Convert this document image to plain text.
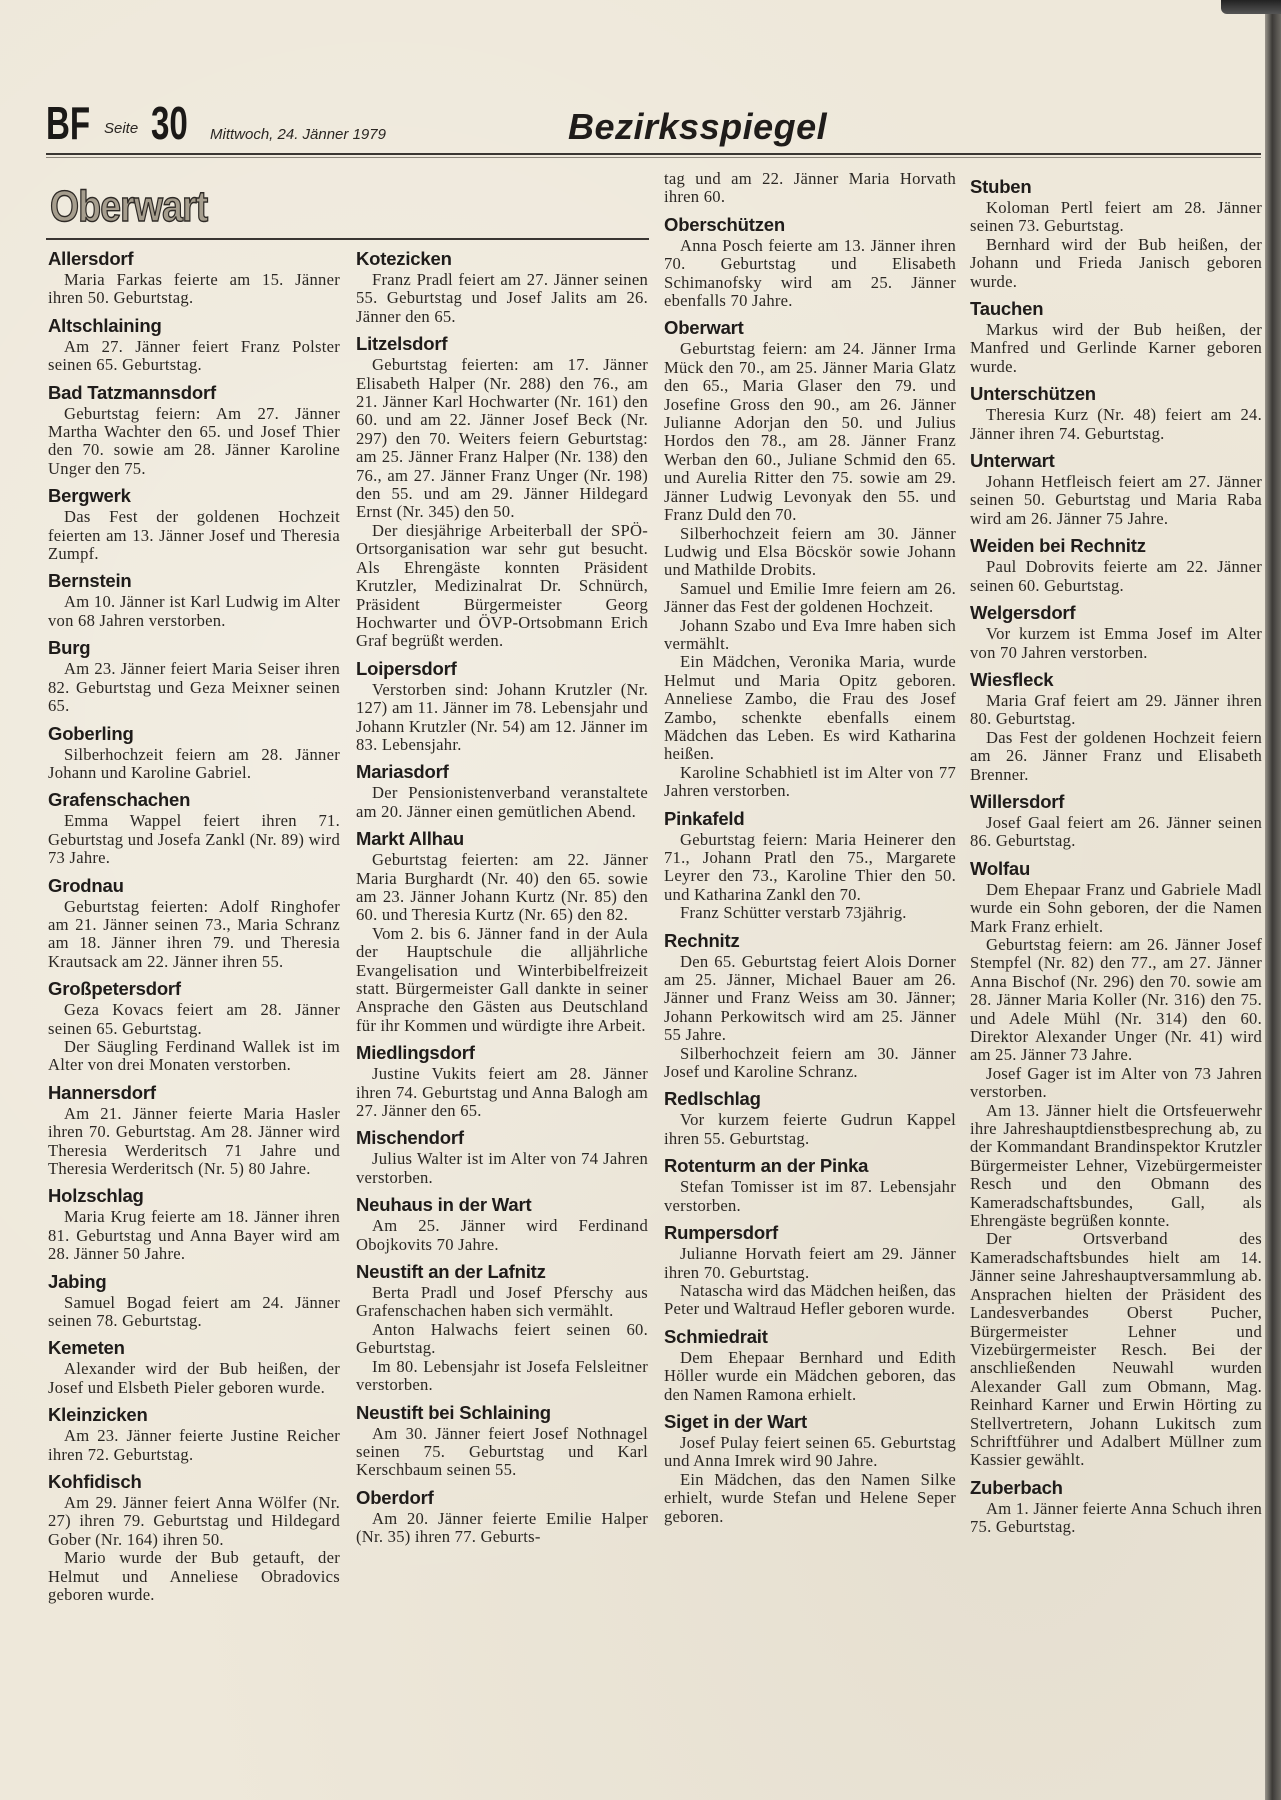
BF Seite 30 Mittwoch, 24. Jänner 1979	Bezirksspiegel
Oberwart
Allersdorf

Maria Farkas feierte am 15. Jänner ihren 50. Geburtstag.

Altschlaining

Am 27. Jänner feiert Franz Polster seinen 65. Geburtstag.

Bad Tatzmannsdorf

Geburtstag feiern: Am 27. Jänner Martha Wachter den 65. und Josef Thier den 70. sowie am 28. Jänner Karoline Unger den 75.

Bergwerk

Das Fest der goldenen Hochzeit feierten am 13. Jänner Josef und Theresia Zumpf.

Bernstein

Am 10. Jänner ist Karl Ludwig im Alter von 68 Jahren verstorben.

Burg

Am 23. Jänner feiert Maria Seiser ihren 82. Geburtstag und Geza Meixner seinen 65.

Goberling

Silberhochzeit feiern am 28. Jänner Johann und Karoline Gabriel.

Grafenschachen

Emma Wappel feiert ihren 71. Geburtstag und Josefa Zankl (Nr. 89) wird 73 Jahre.

Grodnau

Geburtstag feierten: Adolf Ringhofer am 21. Jänner seinen 73., Maria Schranz am 18. Jänner ihren 79. und Theresia Krautsack am 22. Jänner ihren 55.

Großpetersdorf

Geza Kovacs feiert am 28. Jänner seinen 65. Geburtstag.

Der Säugling Ferdinand Wallek ist im Alter von drei Monaten verstorben.

Hannersdorf

Am 21. Jänner feierte Maria Hasler ihren 70. Geburtstag. Am 28. Jänner wird Theresia Werderitsch 71 Jahre und Theresia Werderitsch (Nr. 5) 80 Jahre.

Holzschlag

Maria Krug feierte am 18. Jänner ihren 81. Geburtstag und Anna Bayer wird am 28. Jänner 50 Jahre.

Jabing

Samuel Bogad feiert am 24. Jänner seinen 78. Geburtstag.

Kemeten

Alexander wird der Bub heißen, der Josef und Elsbeth Pieler geboren wurde.

Kleinzicken

Am 23. Jänner feierte Justine Reicher ihren 72. Geburtstag.

Kohfidisch

Am 29. Jänner feiert Anna Wölfer (Nr. 27) ihren 79. Geburtstag und Hildegard Gober (Nr. 164) ihren 50.

Mario wurde der Bub getauft, der Helmut und Anneliese Obradovics geboren wurde.

Kotezicken

Franz Pradl feiert am 27. Jänner seinen 55. Geburtstag und Josef Jalits am 26. Jänner den 65.

Litzelsdorf

Geburtstag feierten: am 17. Jänner Elisabeth Halper (Nr. 288) den 76., am 21. Jänner Karl Hochwarter (Nr. 161) den 60. und am 22. Jänner Josef Beck (Nr. 297) den 70. Weiters feiern Geburtstag: am 25. Jänner Franz Halper (Nr. 138) den 76., am 27. Jänner Franz Unger (Nr. 198) den 55. und am 29. Jänner Hildegard Ernst (Nr. 345) den 50.

Der diesjährige Arbeiterball der SPÖ-Ortsorganisation war sehr gut besucht. Als Ehrengäste konnten Präsident Krutzler, Medizinalrat Dr. Schnürch, Präsident Bürgermeister Georg Hochwarter und ÖVP-Ortsobmann Erich Graf begrüßt werden.

Loipersdorf

Verstorben sind: Johann Krutzler (Nr. 127) am 11. Jänner im 78. Lebensjahr und Johann Krutzler (Nr. 54) am 12. Jänner im 83. Lebensjahr.

Mariasdorf

Der Pensionistenverband veranstaltete am 20. Jänner einen gemütlichen Abend.

Markt Allhau

Geburtstag feierten: am 22. Jänner Maria Burghardt (Nr. 40) den 65. sowie am 23. Jänner Johann Kurtz (Nr. 85) den 60. und Theresia Kurtz (Nr. 65) den 82.

Vom 2. bis 6. Jänner fand in der Aula der Hauptschule die alljährliche Evangelisation und Winterbibelfreizeit statt. Bürgermeister Gall dankte in seiner Ansprache den Gästen aus Deutschland für ihr Kommen und würdigte ihre Arbeit.

Miedlingsdorf

Justine Vukits feiert am 28. Jänner ihren 74. Geburtstag und Anna Balogh am 27. Jänner den 65.

Mischendorf

Julius Walter ist im Alter von 74 Jahren verstorben.

Neuhaus in der Wart

Am 25. Jänner wird Ferdinand Obojkovits 70 Jahre.

Neustift an der Lafnitz

Berta Pradl und Josef Pferschy aus Grafenschachen haben sich vermählt.

Anton Halwachs feiert seinen 60. Geburtstag.

Im 80. Lebensjahr ist Josefa Felsleitner verstorben.

Neustift bei Schlaining

Am 30. Jänner feiert Josef Nothnagel seinen 75. Geburtstag und Karl Kerschbaum seinen 55.

Oberdorf

Am 20. Jänner feierte Emilie Halper (Nr. 35) ihren 77. Geburts-

tag und am 22. Jänner Maria Horvath ihren 60.

Oberschützen

Anna Posch feierte am 13. Jänner ihren 70. Geburtstag und Elisabeth Schimanofsky wird am 25. Jänner ebenfalls 70 Jahre.

Oberwart

Geburtstag feiern: am 24. Jänner Irma Mück den 70., am 25. Jänner Maria Glatz den 65., Maria Glaser den 79. und Josefine Gross den 90., am 26. Jänner Julianne Adorjan den 50. und Julius Hordos den 78., am 28. Jänner Franz Werban den 60., Juliane Schmid den 65. und Aurelia Ritter den 75. sowie am 29. Jänner Ludwig Levonyak den 55. und Franz Duld den 70.

Silberhochzeit feiern am 30. Jänner Ludwig und Elsa Böcskör sowie Johann und Mathilde Drobits.

Samuel und Emilie Imre feiern am 26. Jänner das Fest der goldenen Hochzeit.

Johann Szabo und Eva Imre haben sich vermählt.

Ein Mädchen, Veronika Maria, wurde Helmut und Maria Opitz geboren. Anneliese Zambo, die Frau des Josef Zambo, schenkte ebenfalls einem Mädchen das Leben. Es wird Katharina heißen.

Karoline Schabhietl ist im Alter von 77 Jahren verstorben.

Pinkafeld

Geburtstag feiern: Maria Heinerer den 71., Johann Pratl den 75., Margarete Leyrer den 73., Karoline Thier den 50. und Katharina Zankl den 70.

Franz Schütter verstarb 73jährig.

Rechnitz

Den 65. Geburtstag feiert Alois Dorner am 25. Jänner, Michael Bauer am 26. Jänner und Franz Weiss am 30. Jänner; Johann Perkowitsch wird am 25. Jänner 55 Jahre.

Silberhochzeit feiern am 30. Jänner Josef und Karoline Schranz.

Redlschlag

Vor kurzem feierte Gudrun Kappel ihren 55. Geburtstag.

Rotenturm an der Pinka

Stefan Tomisser ist im 87. Lebensjahr verstorben.

Rumpersdorf

Julianne Horvath feiert am 29. Jänner ihren 70. Geburtstag.

Natascha wird das Mädchen heißen, das Peter und Waltraud Hefler geboren wurde.

Schmiedrait

Dem Ehepaar Bernhard und Edith Höller wurde ein Mädchen geboren, das den Namen Ramona erhielt.

Siget in der Wart

Josef Pulay feiert seinen 65. Geburtstag und Anna Imrek wird 90 Jahre.

Ein Mädchen, das den Namen Silke erhielt, wurde Stefan und Helene Seper geboren.

Stuben

Koloman Pertl feiert am 28. Jänner seinen 73. Geburtstag.

Bernhard wird der Bub heißen, der Johann und Frieda Janisch geboren wurde.

Tauchen

Markus wird der Bub heißen, der Manfred und Gerlinde Karner geboren wurde.

Unterschützen

Theresia Kurz (Nr. 48) feiert am 24. Jänner ihren 74. Geburtstag.

Unterwart

Johann Hetfleisch feiert am 27. Jänner seinen 50. Geburtstag und Maria Raba wird am 26. Jänner 75 Jahre.

Weiden bei Rechnitz

Paul Dobrovits feierte am 22. Jänner seinen 60. Geburtstag.

Welgersdorf

Vor kurzem ist Emma Josef im Alter von 70 Jahren verstorben.

Wiesfleck

Maria Graf feiert am 29. Jänner ihren 80. Geburtstag.

Das Fest der goldenen Hochzeit feiern am 26. Jänner Franz und Elisabeth Brenner.

Willersdorf

Josef Gaal feiert am 26. Jänner seinen 86. Geburtstag.

Wolfau

Dem Ehepaar Franz und Gabriele Madl wurde ein Sohn geboren, der die Namen Mark Franz erhielt.

Geburtstag feiern: am 26. Jänner Josef Stempfel (Nr. 82) den 77., am 27. Jänner Anna Bischof (Nr. 296) den 70. sowie am 28. Jänner Maria Koller (Nr. 316) den 75. und Adele Mühl (Nr. 314) den 60. Direktor Alexander Unger (Nr. 41) wird am 25. Jänner 73 Jahre.

Josef Gager ist im Alter von 73 Jahren verstorben.

Am 13. Jänner hielt die Ortsfeuerwehr ihre Jahreshauptdienstbesprechung ab, zu der Kommandant Brandinspektor Krutzler Bürgermeister Lehner, Vizebürgermeister Resch und den Obmann des Kameradschaftsbundes, Gall, als Ehrengäste begrüßen konnte.

Der Ortsverband des Kameradschaftsbundes hielt am 14. Jänner seine Jahreshauptversammlung ab. Ansprachen hielten der Präsident des Landesverbandes Oberst Pucher, Bürgermeister Lehner und Vizebürgermeister Resch. Bei der anschließenden Neuwahl wurden Alexander Gall zum Obmann, Mag. Reinhard Karner und Erwin Hörting zu Stellvertretern, Johann Lukitsch zum Schriftführer und Adalbert Müllner zum Kassier gewählt.

Zuberbach

Am 1. Jänner feierte Anna Schuch ihren 75. Geburtstag.
